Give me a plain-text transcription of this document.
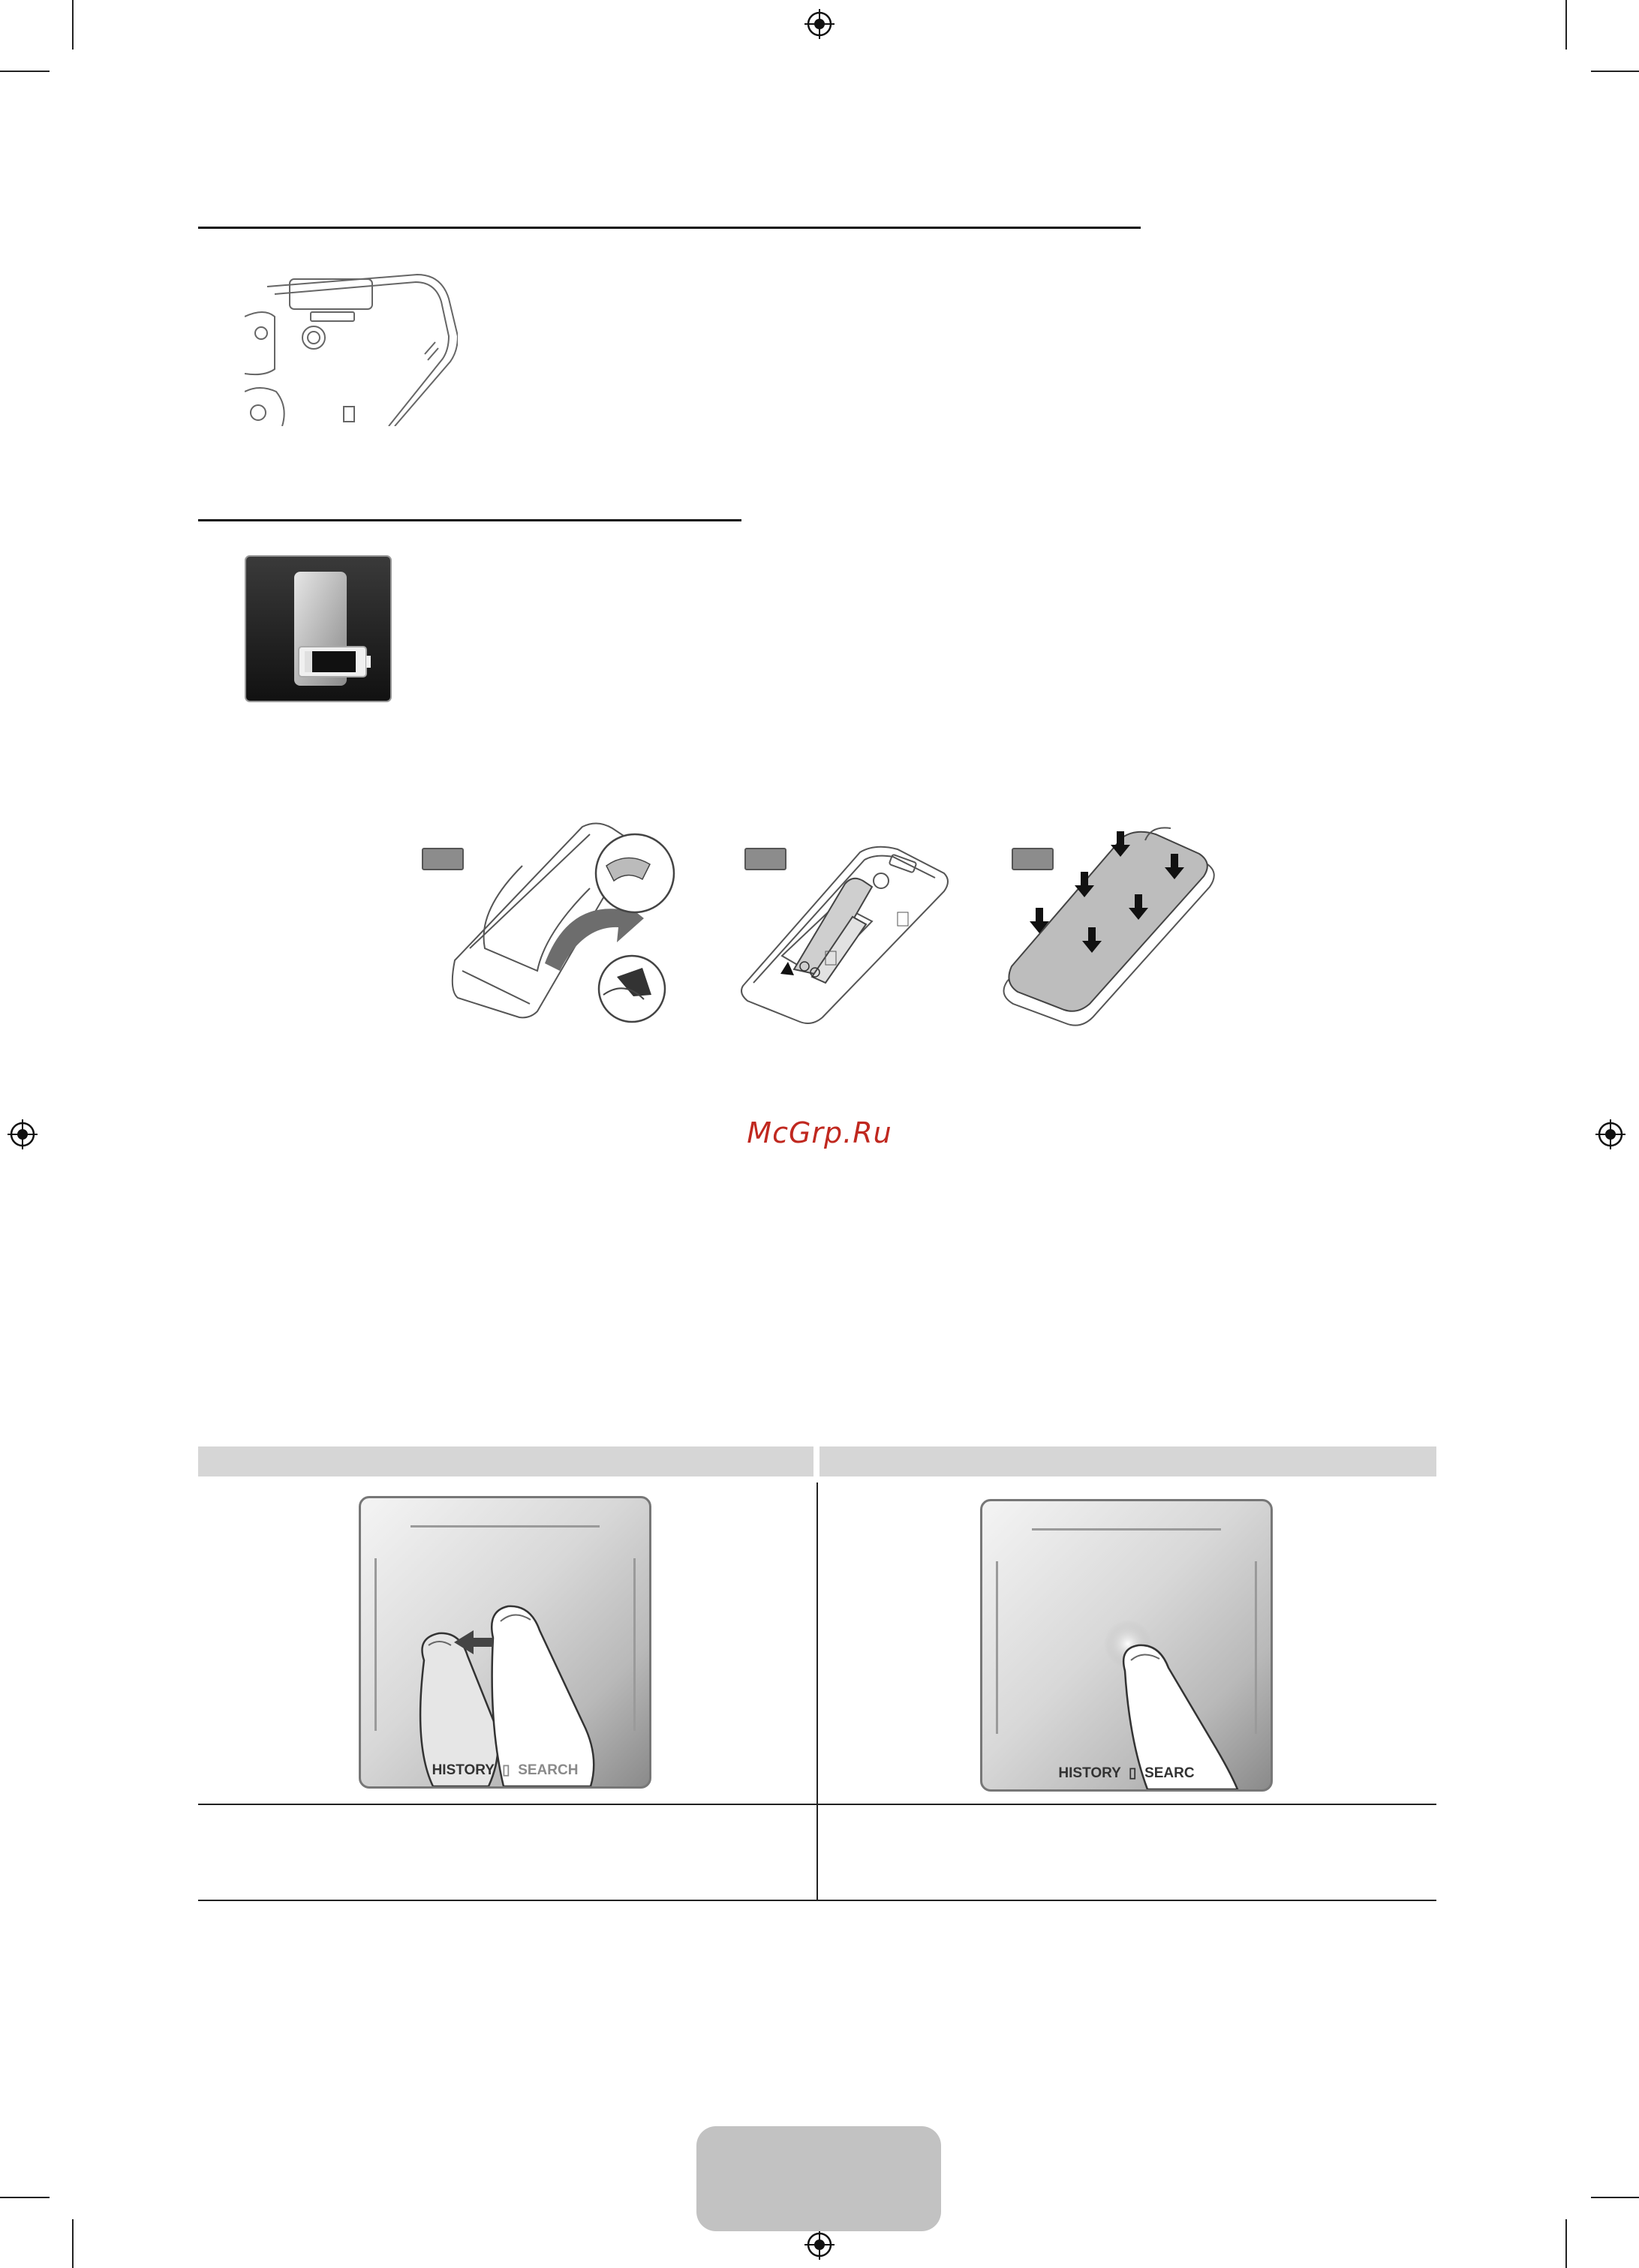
McGrp.Ru
HISTORY  ▯  SEARCH	HISTORY  ▯  SEARC
